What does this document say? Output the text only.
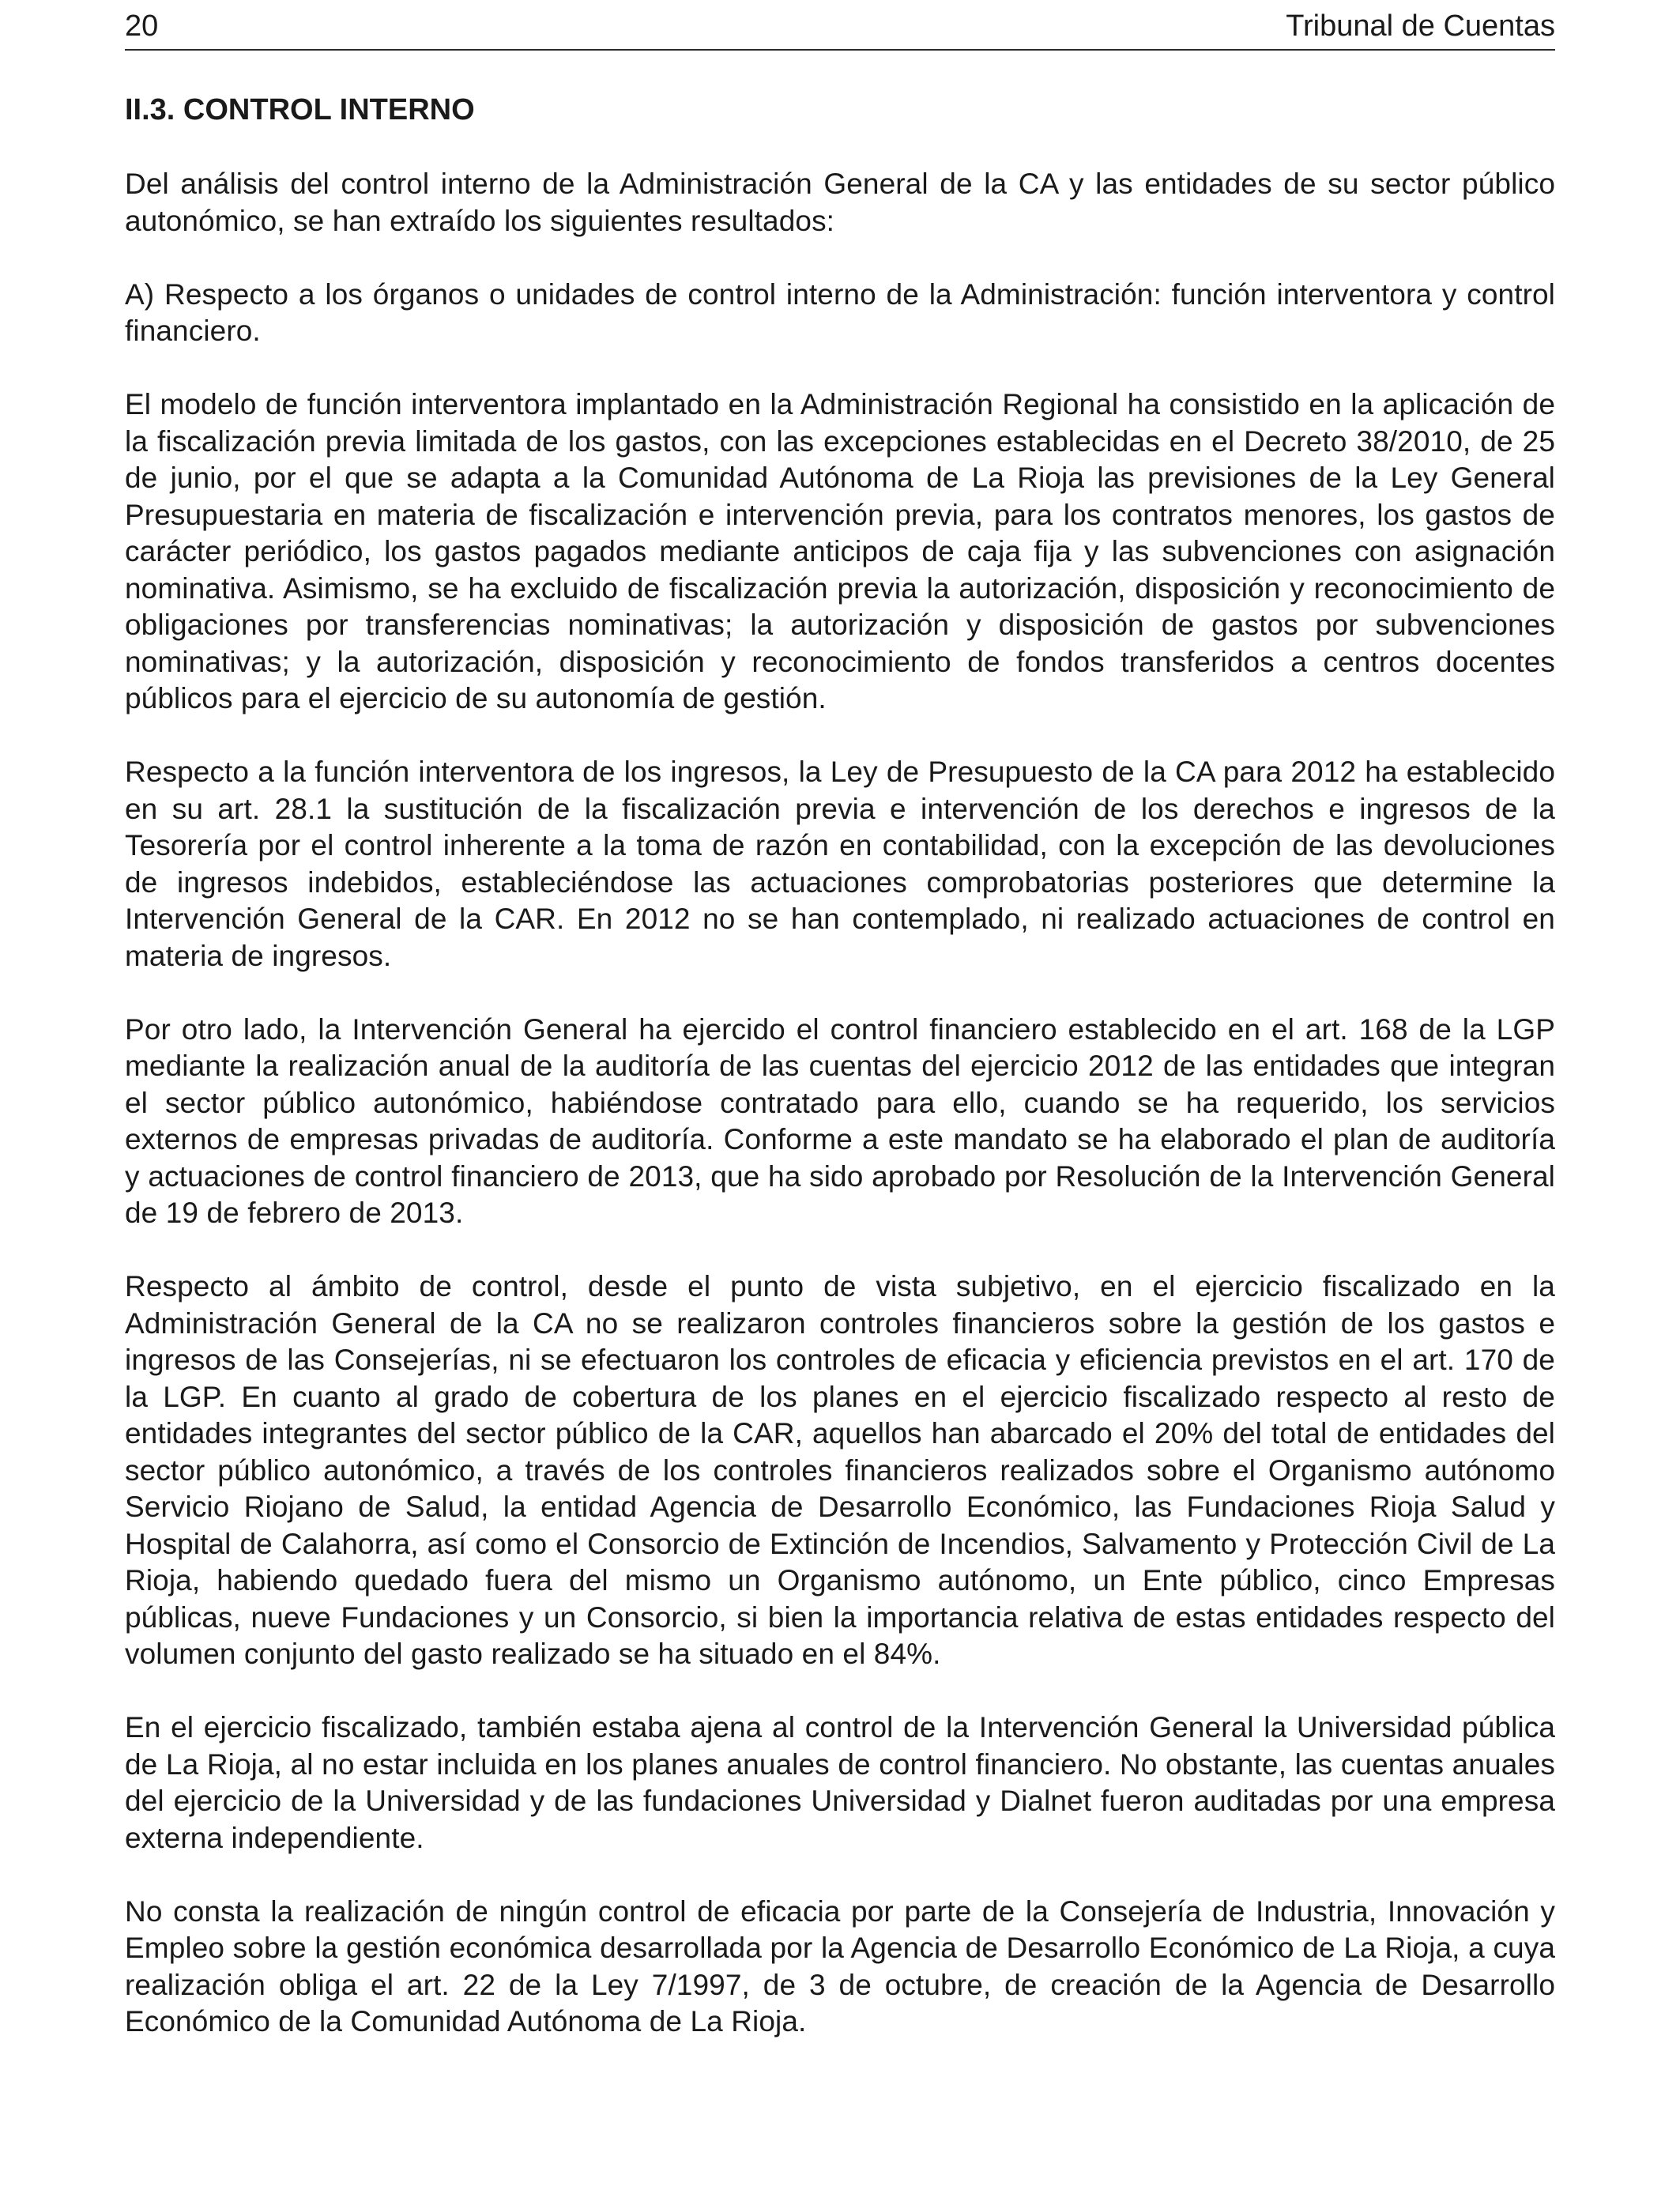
20	Tribunal de Cuentas
II.3. CONTROL INTERNO

Del análisis del control interno de la Administración General de la CA y las entidades de su sector público autonómico, se han extraído los siguientes resultados:

A) Respecto a los órganos o unidades de control interno de la Administración: función interventora y control financiero.

El modelo de función interventora implantado en la Administración Regional ha consistido en la aplicación de la fiscalización previa limitada de los gastos, con las excepciones establecidas en el Decreto 38/2010, de 25 de junio, por el que se adapta a la Comunidad Autónoma de La Rioja las previsiones de la Ley General Presupuestaria en materia de fiscalización e intervención previa, para los contratos menores, los gastos de carácter periódico, los gastos pagados mediante anticipos de caja fija y las subvenciones con asignación nominativa. Asimismo, se ha excluido de fiscalización previa la autorización, disposición y reconocimiento de obligaciones por transferencias nominativas; la autorización y disposición de gastos por subvenciones nominativas; y la autorización, disposición y reconocimiento de fondos transferidos a centros docentes públicos para el ejercicio de su autonomía de gestión.

Respecto a la función interventora de los ingresos, la Ley de Presupuesto de la CA para 2012 ha establecido en su art. 28.1 la sustitución de la fiscalización previa e intervención de los derechos e ingresos de la Tesorería por el control inherente a la toma de razón en contabilidad, con la excepción de las devoluciones de ingresos indebidos, estableciéndose las actuaciones comprobatorias posteriores que determine la Intervención General de la CAR. En 2012 no se han contemplado, ni realizado actuaciones de control en materia de ingresos.

Por otro lado, la Intervención General ha ejercido el control financiero establecido en el art. 168 de la LGP mediante la realización anual de la auditoría de las cuentas del ejercicio 2012 de las entidades que integran el sector público autonómico, habiéndose contratado para ello, cuando se ha requerido, los servicios externos de empresas privadas de auditoría. Conforme a este mandato se ha elaborado el plan de auditoría y actuaciones de control financiero de 2013, que ha sido aprobado por Resolución de la Intervención General de 19 de febrero de 2013.

Respecto al ámbito de control, desde el punto de vista subjetivo, en el ejercicio fiscalizado en la Administración General de la CA no se realizaron controles financieros sobre la gestión de los gastos e ingresos de las Consejerías, ni se efectuaron los controles de eficacia y eficiencia previstos en el art. 170 de la LGP. En cuanto al grado de cobertura de los planes en el ejercicio fiscalizado respecto al resto de entidades integrantes del sector público de la CAR, aquellos han abarcado el 20% del total de entidades del sector público autonómico, a través de los controles financieros realizados sobre el Organismo autónomo Servicio Riojano de Salud, la entidad Agencia de Desarrollo Económico, las Fundaciones Rioja Salud y Hospital de Calahorra, así como el Consorcio de Extinción de Incendios, Salvamento y Protección Civil de La Rioja, habiendo quedado fuera del mismo un Organismo autónomo, un Ente público, cinco Empresas públicas, nueve Fundaciones y un Consorcio, si bien la importancia relativa de estas entidades respecto del volumen conjunto del gasto realizado se ha situado en el 84%.

En el ejercicio fiscalizado, también estaba ajena al control de la Intervención General la Universidad pública de La Rioja, al no estar incluida en los planes anuales de control financiero. No obstante, las cuentas anuales del ejercicio de la Universidad y de las fundaciones Universidad y Dialnet fueron auditadas por una empresa externa independiente.

No consta la realización de ningún control de eficacia por parte de la Consejería de Industria, Innovación y Empleo sobre la gestión económica desarrollada por la Agencia de Desarrollo Económico de La Rioja, a cuya realización obliga el art. 22 de la Ley 7/1997, de 3 de octubre, de creación de la Agencia de Desarrollo Económico de la Comunidad Autónoma de La Rioja.
